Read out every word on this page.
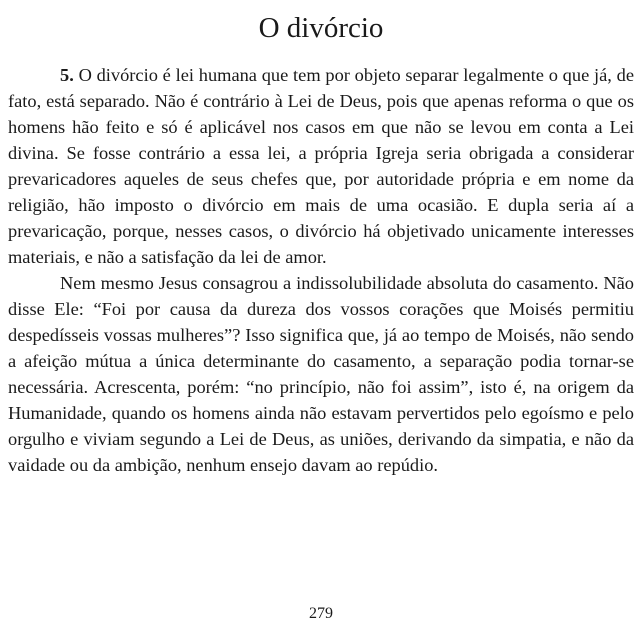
O divórcio

5. O divórcio é lei humana que tem por objeto separar legalmente o que já, de fato, está separado. Não é contrário à Lei de Deus, pois que apenas reforma o que os homens hão feito e só é aplicável nos casos em que não se levou em conta a Lei divina. Se fosse contrário a essa lei, a própria Igreja seria obrigada a considerar prevaricadores aqueles de seus chefes que, por autoridade própria e em nome da religião, hão imposto o divórcio em mais de uma ocasião. E dupla seria aí a prevaricação, porque, nesses casos, o divórcio há objetivado unicamente interesses materiais, e não a satisfação da lei de amor.

Nem mesmo Jesus consagrou a indissolubilidade absoluta do casamento. Não disse Ele: “Foi por causa da dureza dos vossos corações que Moisés permitiu despedísseis vossas mulheres”? Isso significa que, já ao tempo de Moisés, não sendo a afeição mútua a única determinante do casamento, a separação podia tornar-se necessária. Acrescenta, porém: “no princípio, não foi assim”, isto é, na origem da Humanidade, quando os homens ainda não estavam pervertidos pelo egoísmo e pelo orgulho e viviam segundo a Lei de Deus, as uniões, derivando da simpatia, e não da vaidade ou da ambição, nenhum ensejo davam ao repúdio.

279
